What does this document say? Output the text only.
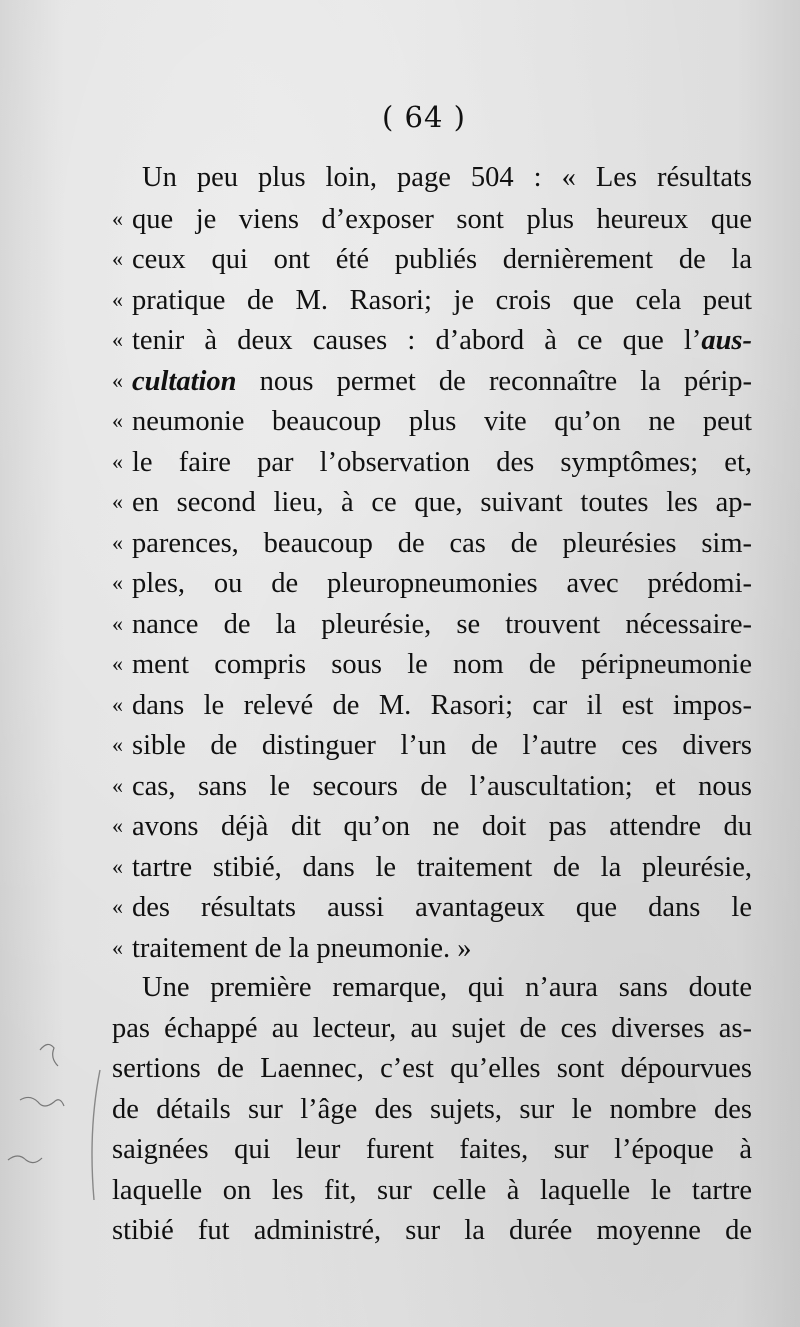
( 64 )
Un peu plus loin, page 504 : « Les résultats
« que je viens d’exposer sont plus heureux que
« ceux qui ont été publiés dernièrement de la
« pratique de M. Rasori; je crois que cela peut
« tenir à deux causes : d’abord à ce que l’aus-
« cultation nous permet de reconnaître la périp-
« neumonie beaucoup plus vite qu’on ne peut
« le faire par l’observation des symptômes; et,
« en second lieu, à ce que, suivant toutes les ap-
« parences, beaucoup de cas de pleurésies sim-
« ples, ou de pleuropneumonies avec prédomi-
« nance de la pleurésie, se trouvent nécessaire-
« ment compris sous le nom de péripneumonie
« dans le relevé de M. Rasori; car il est impos-
« sible de distinguer l’un de l’autre ces divers
« cas, sans le secours de l’auscultation; et nous
« avons déjà dit qu’on ne doit pas attendre du
« tartre stibié, dans le traitement de la pleurésie,
« des résultats aussi avantageux que dans le
« traitement de la pneumonie. »
Une première remarque, qui n’aura sans doute
pas échappé au lecteur, au sujet de ces diverses as-
sertions de Laennec, c’est qu’elles sont dépourvues
de détails sur l’âge des sujets, sur le nombre des
saignées qui leur furent faites, sur l’époque à
laquelle on les fit, sur celle à laquelle le tartre
stibié fut administré, sur la durée moyenne de
